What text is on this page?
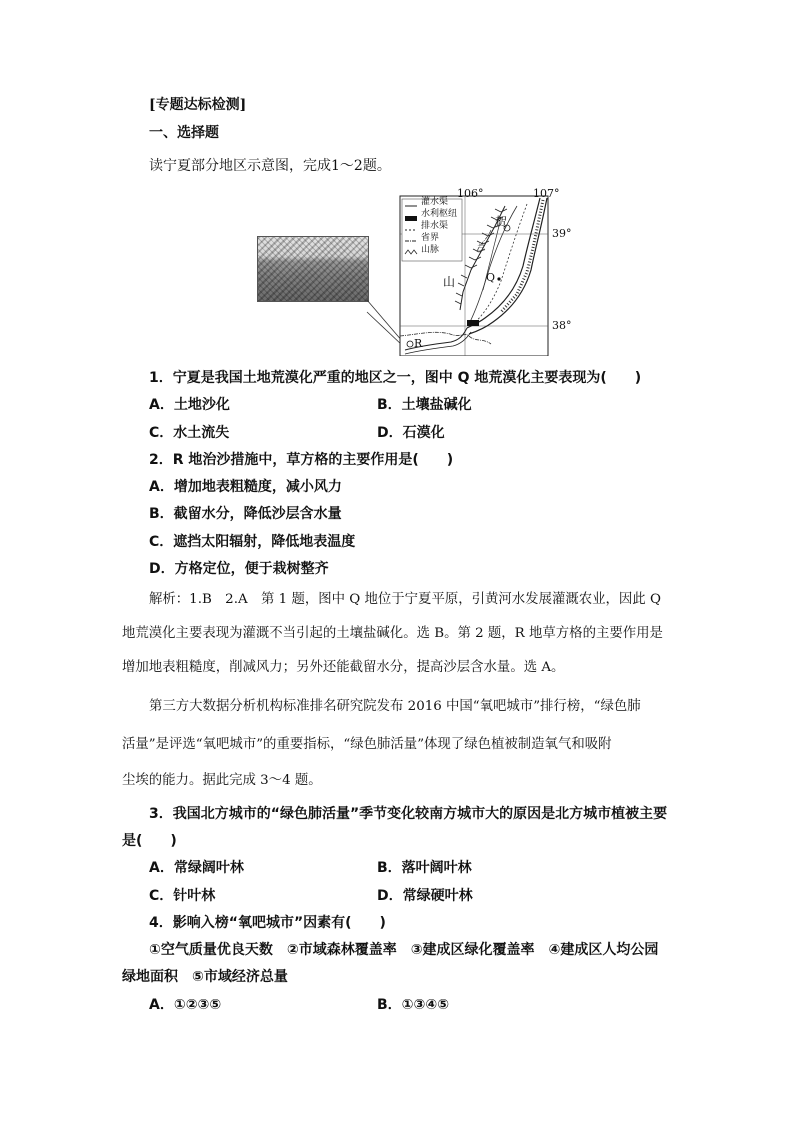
[专题达标检测]
一、选择题
读宁夏部分地区示意图，完成1～2题。
106°	107°
39°
38°
灌水渠
水利枢纽
排水渠
省界
山脉
贺
山
兰
Q
R
1．宁夏是我国土地荒漠化严重的地区之一，图中 Q 地荒漠化主要表现为(　　)
A．土地沙化	B．土壤盐碱化
C．水土流失	D．石漠化
2．R 地治沙措施中，草方格的主要作用是(　　)
A．增加地表粗糙度，减小风力
B．截留水分，降低沙层含水量
C．遮挡太阳辐射，降低地表温度
D．方格定位，便于栽树整齐
解析：1.B　2.A　第 1 题，图中 Q 地位于宁夏平原，引黄河水发展灌溉农业，因此 Q
地荒漠化主要表现为灌溉不当引起的土壤盐碱化。选 B。第 2 题，R 地草方格的主要作用是
增加地表粗糙度，削减风力；另外还能截留水分，提高沙层含水量。选 A。
第三方大数据分析机构标准排名研究院发布 2016 中国“氧吧城市”排行榜，“绿色肺
活量”是评选“氧吧城市”的重要指标，“绿色肺活量”体现了绿色植被制造氧气和吸附
尘埃的能力。据此完成 3～4 题。
3．我国北方城市的“绿色肺活量”季节变化较南方城市大的原因是北方城市植被主要
是(　　)
A．常绿阔叶林	B．落叶阔叶林
C．针叶林	D．常绿硬叶林
4．影响入榜“氧吧城市”因素有(　　)
①空气质量优良天数　②市域森林覆盖率　③建成区绿化覆盖率　④建成区人均公园
绿地面积　⑤市域经济总量
A．①②③⑤	B．①③④⑤
